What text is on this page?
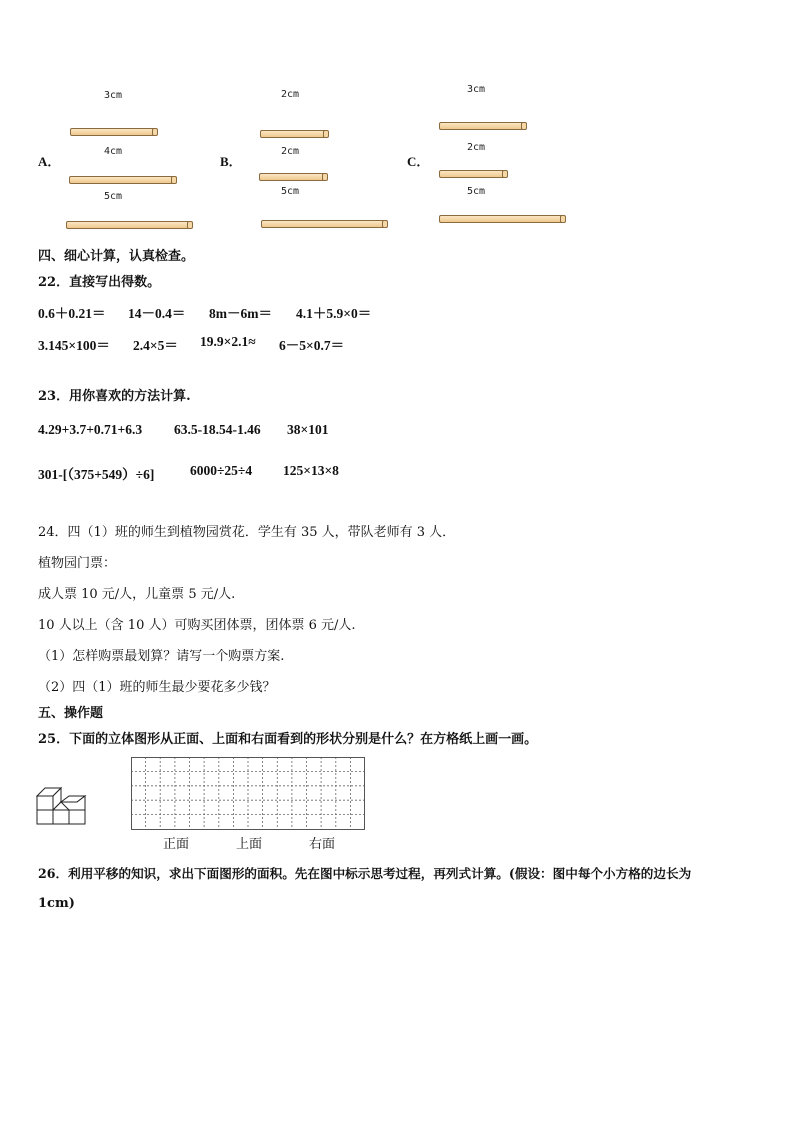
A．
3cm
4cm
5cm
B．
2cm
2cm
5cm
C．
3cm
2cm
5cm
四、细心计算，认真检查。
22．直接写出得数。
0.6＋0.21＝ 14－0.4＝ 8m－6m＝ 4.1＋5.9×0＝
3.145×100＝ 2.4×5＝ 19.9×2.1≈ 6－5×0.7＝
23．用你喜欢的方法计算.
4.29+3.7+0.71+6.3 63.5-18.54-1.46 38×101
301-[（375+549）÷6]	6000÷25÷4 125×13×8
24．四（1）班的师生到植物园赏花．学生有 35 人，带队老师有 3 人．
植物园门票：
成人票 10 元/人，儿童票 5 元/人.
10 人以上（含 10 人）可购买团体票，团体票 6 元/人.
（1）怎样购票最划算？请写一个购票方案.
（2）四（1）班的师生最少要花多少钱？
五、操作题
25．下面的立体图形从正面、上面和右面看到的形状分别是什么？在方格纸上画一画。
正面	上面	右面
26．利用平移的知识，求出下面图形的面积。先在图中标示思考过程，再列式计算。(假设：图中每个小方格的边长为
1cm)
